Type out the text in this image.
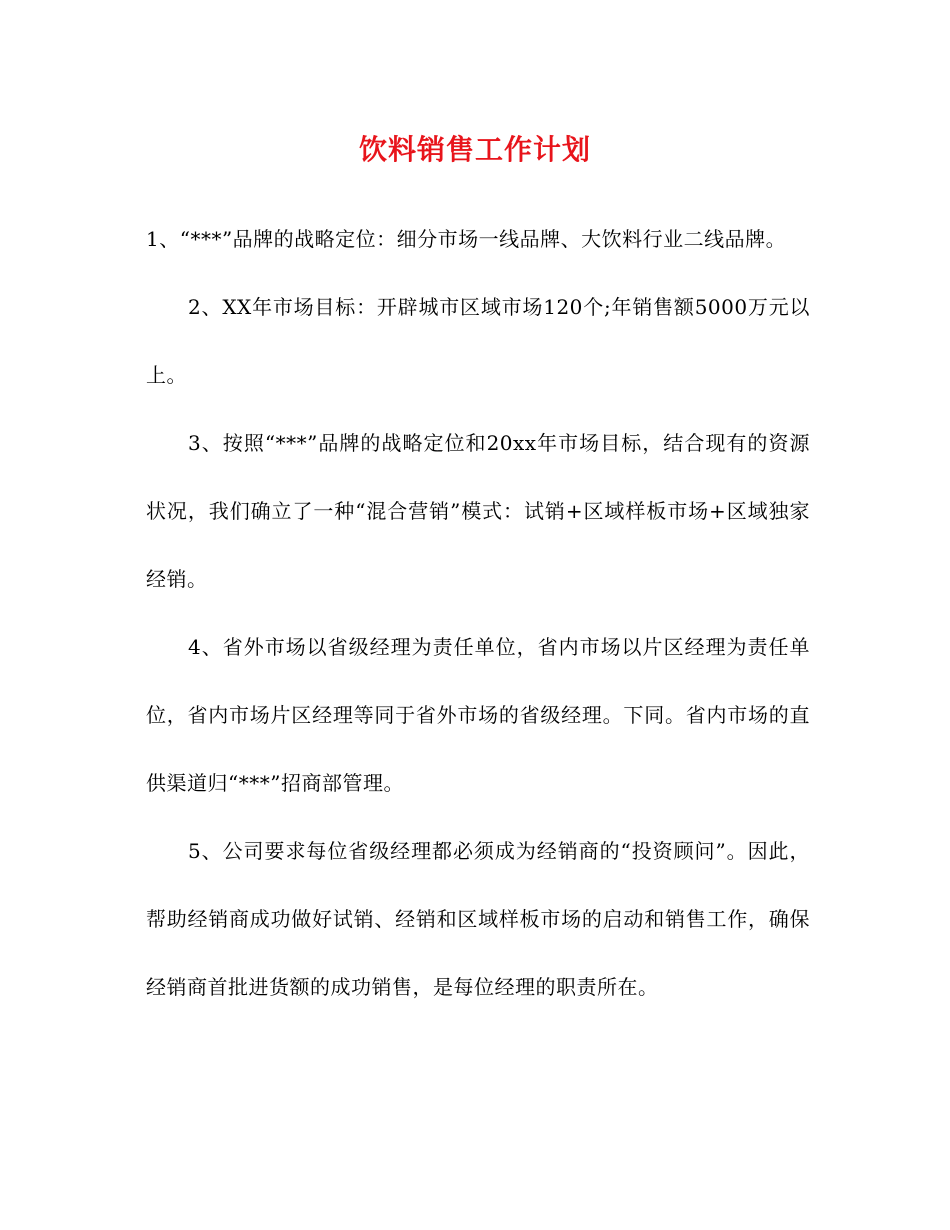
饮料销售工作计划

1、“***”品牌的战略定位：细分市场一线品牌、大饮料行业二线品牌。

2、XX年市场目标：开辟城市区域市场120个;年销售额5000万元以上。

3、按照“***”品牌的战略定位和20xx年市场目标，结合现有的资源状况，我们确立了一种“混合营销”模式：试销+区域样板市场+区域独家经销。

4、省外市场以省级经理为责任单位，省内市场以片区经理为责任单位，省内市场片区经理等同于省外市场的省级经理。下同。省内市场的直供渠道归“***”招商部管理。

5、公司要求每位省级经理都必须成为经销商的“投资顾问”。因此，帮助经销商成功做好试销、经销和区域样板市场的启动和销售工作，确保经销商首批进货额的成功销售，是每位经理的职责所在。
